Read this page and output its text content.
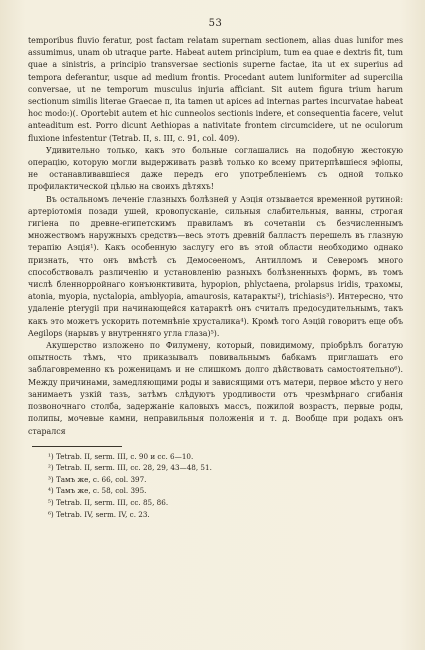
53

temporibus fluvio feratur, post factam relatam supernam sectionem, alias duas lunifor mes assumimus, unam ob utraque parte. Habeat autem principium, tum ea quae e dextris fit, tum quae a sinistris, a principio transversae sectionis superne factae, ita ut ex superius ad tempora deferantur, usque ad medium frontis. Procedant autem luniformiter ad supercilia conversae, ut ne temporum musculus injuria afficiant. Sit autem figura trium harum sectionum similis literae Graecae π, ita tamen ut apices ad internas partes incurvatae habeat hoc modo:)(. Oportebit autem et hic cunneolos sectionis indere, et consequentia facere, velut anteaditum est. Porro dicunt Aethiopas a nativitate frontem circumcidere, ut ne oculorum fluxione infestentur (Tetrab. II, s. III, c. 91, col. 409).

Удивительно только, какъ это больные соглашались на подобную жестокую операцію, которую могли выдерживать развѣ только ко всему притерпѣвшіеся эфіопы, не останавливавшіеся даже передъ его употребленіемъ съ одной только профилактической цѣлью на своихъ дѣтяхъ!

Въ остальномъ леченіе глазныхъ болѣзней у Аэція отзывается временной рутиной: артеріотомія позади ушей, кровопусканіе, сильныя слабительныя, ванны, строгая гигіена по древне-египетскимъ правиламъ въ сочетаніи съ безчисленнымъ множествомъ наружныхъ средствъ—весь этотъ древній балластъ перешелъ въ глазную терапію Аэція¹). Какъ особенную заслугу его въ этой области необходимо однако признать, что онъ вмѣстѣ съ Демосѳеномъ, Антилломъ и Северомъ много способствовалъ различенію и установленію разныхъ болѣзненныхъ формъ, въ томъ числѣ бленнорройнаго конъюнктивита, hypopion, phlyctaena, prolapsus iridis, трахомы, atonia, myopia, nyctalopia, amblyopia, amaurosis, катаракты²), trichiasis³). Интересно, что удаленіе pterygii при начинающейся катарактѣ онъ считалъ предосудительнымъ, такъ какъ это можетъ ускорить потемнѣніе хрусталика⁴). Кромѣ того Аэцій говоритъ еще объ Aegilops (нарывъ у внутренняго угла глаза)⁵).

Акушерство изложено по Филумену, который, повидимому, пріобрѣлъ богатую опытность тѣмъ, что приказывалъ повивальнымъ бабкамъ приглашать его заблаговременно къ роженицамъ и не слишкомъ долго дѣйствовать самостоятельно⁶). Между причинами, замедляющими роды и зависящими отъ матери, первое мѣсто у него занимаетъ узкій тазъ, затѣмъ слѣдуютъ уродливости отъ чрезмѣрнаго сгибанія позвоночнаго столба, задержаніе каловыхъ массъ, пожилой возрастъ, первые роды, полипы, мочевые камни, неправильныя положенія и т. д. Вообще при родахъ онъ старался

¹) Tetrab. II, serm. III, c. 90 и cc. 6—10.
²) Tetrab. II, serm. III, cc. 28, 29, 43—48, 51.
³) Тамъ же, c. 66, col. 397.
⁴) Тамъ же, c. 58, col. 395.
⁵) Tetrab. II, serm. III, cc. 85, 86.
⁶) Tetrab. IV, serm. IV, c. 23.
